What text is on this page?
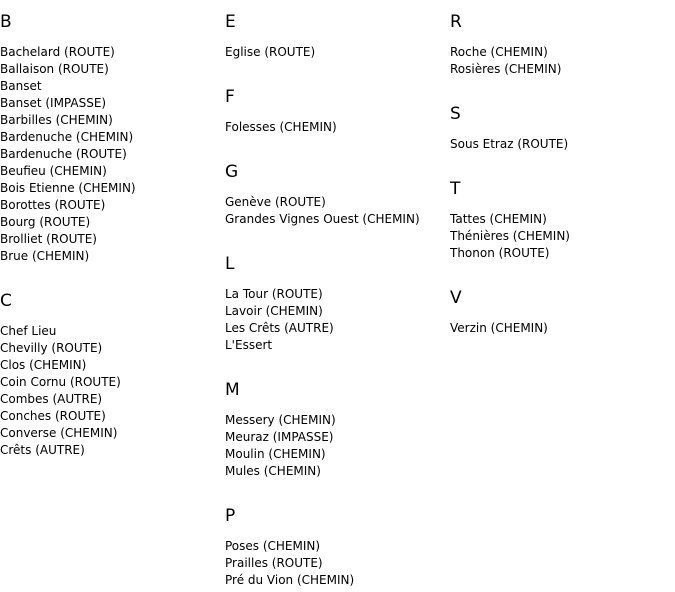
B
Bachelard (ROUTE)
Ballaison (ROUTE)
Banset
Banset (IMPASSE)
Barbilles (CHEMIN)
Bardenuche (CHEMIN)
Bardenuche (ROUTE)
Beufieu (CHEMIN)
Bois Etienne (CHEMIN)
Borottes (ROUTE)
Bourg (ROUTE)
Brolliet (ROUTE)
Brue (CHEMIN)
C
Chef Lieu
Chevilly (ROUTE)
Clos (CHEMIN)
Coin Cornu (ROUTE)
Combes (AUTRE)
Conches (ROUTE)
Converse (CHEMIN)
Crêts (AUTRE)
E
Eglise (ROUTE)
F
Folesses (CHEMIN)
G
Genève (ROUTE)
Grandes Vignes Ouest (CHEMIN)
L
La Tour (ROUTE)
Lavoir (CHEMIN)
Les Crêts (AUTRE)
L'Essert
M
Messery (CHEMIN)
Meuraz (IMPASSE)
Moulin (CHEMIN)
Mules (CHEMIN)
P
Poses (CHEMIN)
Prailles (ROUTE)
Pré du Vion (CHEMIN)
R
Roche (CHEMIN)
Rosières (CHEMIN)
S
Sous Etraz (ROUTE)
T
Tattes (CHEMIN)
Thénières (CHEMIN)
Thonon (ROUTE)
V
Verzin (CHEMIN)
